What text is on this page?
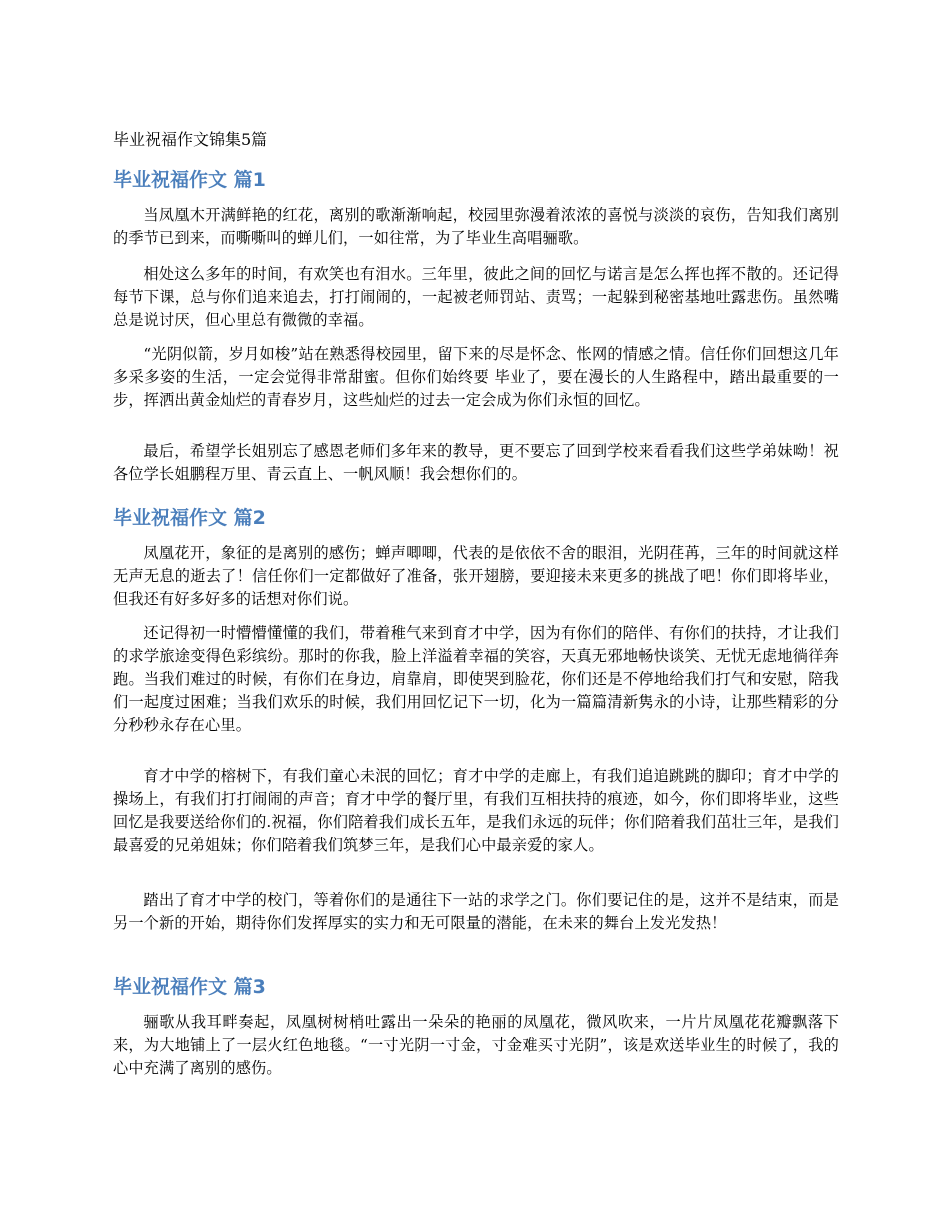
毕业祝福作文锦集5篇
毕业祝福作文 篇1

当凤凰木开满鲜艳的红花，离别的歌渐渐响起，校园里弥漫着浓浓的喜悦与淡淡的哀伤，告知我们离别的季节已到来，而嘶嘶叫的蝉儿们，一如往常，为了毕业生高唱骊歌。

相处这么多年的时间，有欢笑也有泪水。三年里，彼此之间的回忆与诺言是怎么挥也挥不散的。还记得每节下课，总与你们追来追去，打打闹闹的，一起被老师罚站、责骂；一起躲到秘密基地吐露悲伤。虽然嘴总是说讨厌，但心里总有微微的幸福。

“光阴似箭，岁月如梭”站在熟悉得校园里，留下来的尽是怀念、怅网的情感之情。信任你们回想这几年多采多姿的生活，一定会觉得非常甜蜜。但你们始终要 毕业了，要在漫长的人生路程中，踏出最重要的一步，挥洒出黄金灿烂的青春岁月，这些灿烂的过去一定会成为你们永恒的回忆。

最后，希望学长姐别忘了感恩老师们多年来的教导，更不要忘了回到学校来看看我们这些学弟妹呦！祝各位学长姐鹏程万里、青云直上、一帆风顺！我会想你们的。

毕业祝福作文 篇2

凤凰花开，象征的是离别的感伤；蝉声唧唧，代表的是依依不舍的眼泪，光阴荏苒，三年的时间就这样无声无息的逝去了！信任你们一定都做好了准备，张开翅膀，要迎接未来更多的挑战了吧！你们即将毕业，但我还有好多好多的话想对你们说。

还记得初一时懵懵懂懂的我们，带着稚气来到育才中学，因为有你们的陪伴、有你们的扶持，才让我们的求学旅途变得色彩缤纷。那时的你我，脸上洋溢着幸福的笑容，天真无邪地畅快谈笑、无忧无虑地徜徉奔跑。当我们难过的时候，有你们在身边，肩靠肩，即使哭到脸花，你们还是不停地给我们打气和安慰，陪我们一起度过困难；当我们欢乐的时候，我们用回忆记下一切，化为一篇篇清新隽永的小诗，让那些精彩的分分秒秒永存在心里。

育才中学的榕树下，有我们童心未泯的回忆；育才中学的走廊上，有我们追追跳跳的脚印；育才中学的操场上，有我们打打闹闹的声音；育才中学的餐厅里，有我们互相扶持的痕迹，如今，你们即将毕业，这些回忆是我要送给你们的.祝福，你们陪着我们成长五年，是我们永远的玩伴；你们陪着我们茁壮三年，是我们最喜爱的兄弟姐妹；你们陪着我们筑梦三年，是我们心中最亲爱的家人。

踏出了育才中学的校门，等着你们的是通往下一站的求学之门。你们要记住的是，这并不是结束，而是另一个新的开始，期待你们发挥厚实的实力和无可限量的潜能，在未来的舞台上发光发热！

毕业祝福作文 篇3

骊歌从我耳畔奏起，凤凰树树梢吐露出一朵朵的艳丽的凤凰花，微风吹来，一片片凤凰花花瓣飘落下来，为大地铺上了一层火红色地毯。“一寸光阴一寸金，寸金难买寸光阴”，该是欢送毕业生的时候了，我的心中充满了离别的感伤。
